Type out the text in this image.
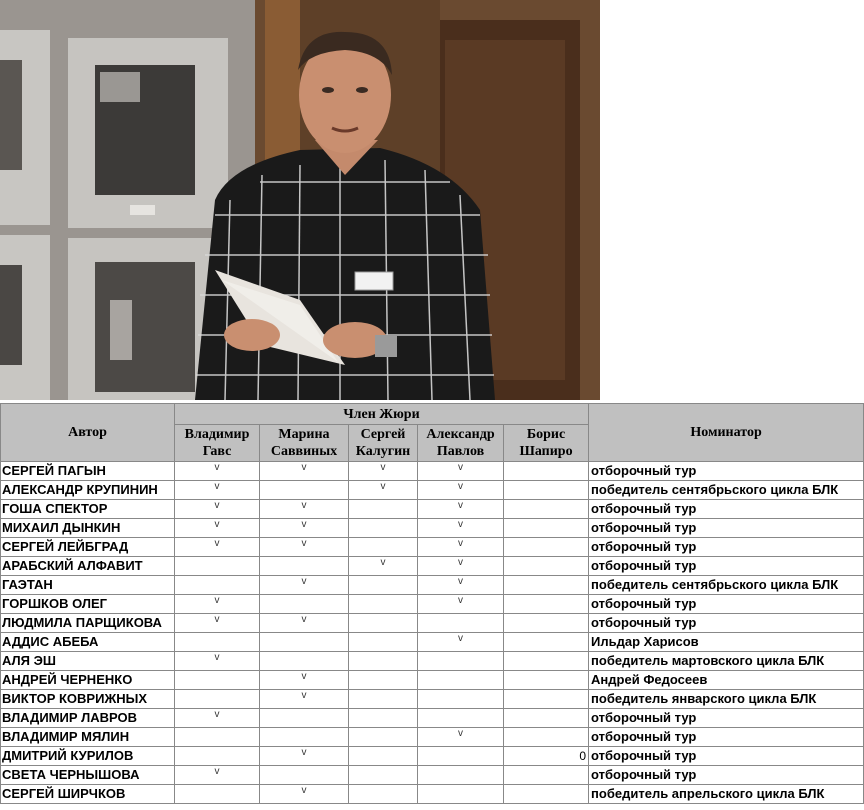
Автор	Член Жюри					Номинатор
	Владимир Гавс	Марина Саввиных	Сергей Калугин	Александр Павлов	Борис Шапиро	
СЕРГЕЙ ПАГЫН	v	v	v	v		отборочный тур
АЛЕКСАНДР КРУПИНИН	v		v	v		победитель сентябрьского цикла БЛК
ГОША СПЕКТОР	v	v		v		отборочный тур
МИХАИЛ ДЫНКИН	v	v		v		отборочный тур
СЕРГЕЙ ЛЕЙБГРАД	v	v		v		отборочный тур
АРАБСКИЙ АЛФАВИТ			v	v		отборочный тур
ГАЭТАН		v		v		победитель сентябрьского цикла БЛК
ГОРШКОВ ОЛЕГ	v			v		отборочный тур
ЛЮДМИЛА ПАРЩИКОВА	v	v				отборочный тур
АДДИС АБЕБА				v		Ильдар Харисов
АЛЯ ЭШ	v					победитель мартовского цикла БЛК
АНДРЕЙ ЧЕРНЕНКО		v				Андрей Федосеев
ВИКТОР КОВРИЖНЫХ		v				победитель январского цикла БЛК
ВЛАДИМИР ЛАВРОВ	v					отборочный тур
ВЛАДИМИР МЯЛИН				v		отборочный тур
ДМИТРИЙ КУРИЛОВ		v			0	отборочный тур
СВЕТА ЧЕРНЫШОВА	v					отборочный тур
СЕРГЕЙ ШИРЧКОВ		v				победитель апрельского цикла БЛК
